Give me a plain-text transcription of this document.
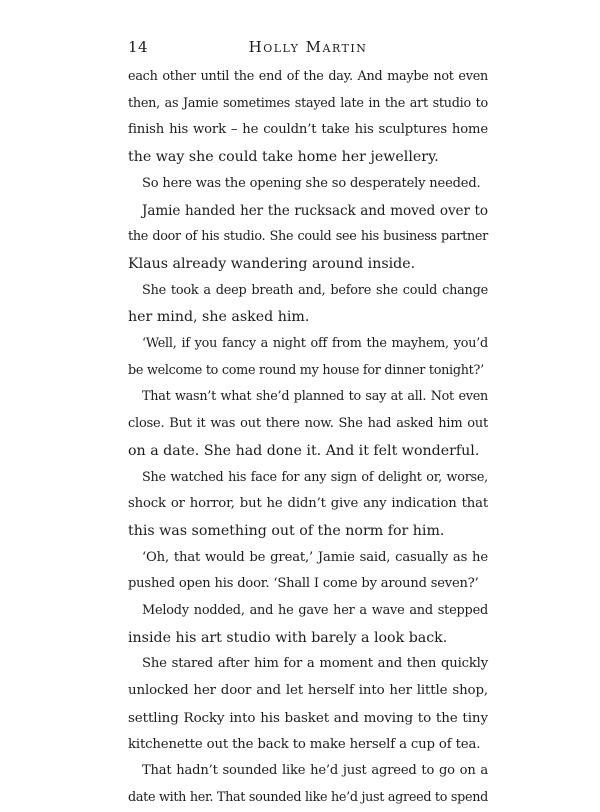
14	Holly Martin

each other until the end of the day. And maybe not even
then, as Jamie sometimes stayed late in the art studio to
finish his work – he couldn’t take his sculptures home
the way she could take home her jewellery.

So here was the opening she so desperately needed.

Jamie handed her the rucksack and moved over to
the door of his studio. She could see his business partner
Klaus already wandering around inside.

She took a deep breath and, before she could change
her mind, she asked him.

‘Well, if you fancy a night off from the mayhem, you’d
be welcome to come round my house for dinner tonight?’

That wasn’t what she’d planned to say at all. Not even
close. But it was out there now. She had asked him out
on a date. She had done it. And it felt wonderful.

She watched his face for any sign of delight or, worse,
shock or horror, but he didn’t give any indication that
this was something out of the norm for him.

‘Oh, that would be great,’ Jamie said, casually as he
pushed open his door. ‘Shall I come by around seven?’

Melody nodded, and he gave her a wave and stepped
inside his art studio with barely a look back.

She stared after him for a moment and then quickly
unlocked her door and let herself into her little shop,
settling Rocky into his basket and moving to the tiny
kitchenette out the back to make herself a cup of tea.

That hadn’t sounded like he’d just agreed to go on a
date with her. That sounded like he’d just agreed to spend
